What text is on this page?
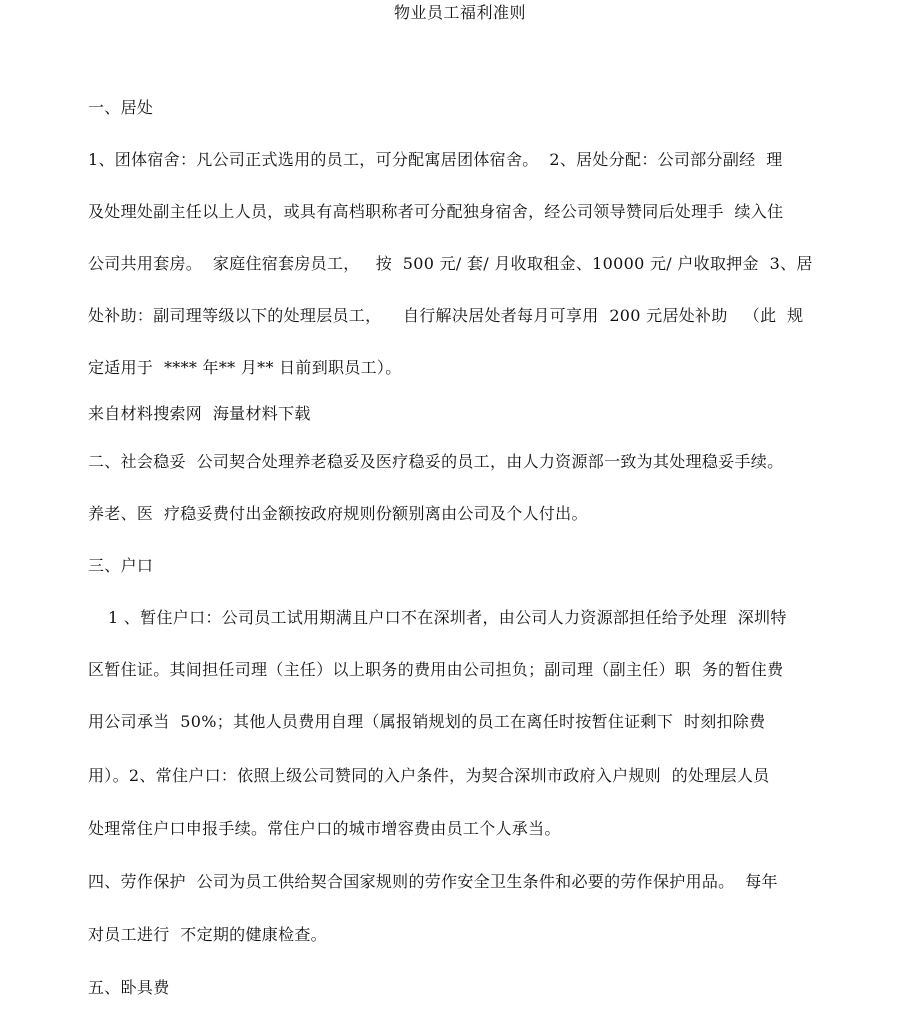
物业员工福利准则
一、居处
1、团体宿舍：凡公司正式选用的员工，可分配寓居团体宿舍。  2、居处分配：公司部分副经  理
及处理处副主任以上人员，或具有高档职称者可分配独身宿舍，经公司领导赞同后处理手  续入住
公司共用套房。  家庭住宿套房员工，   按  500 元/ 套/ 月收取租金、10000 元/ 户收取押金  3、居
处补助：副司理等级以下的处理层员工，    自行解决居处者每月可享用  200 元居处补助   （此  规
定适用于  **** 年** 月** 日前到职员工）。
来自材料搜索网  海量材料下载
二、社会稳妥  公司契合处理养老稳妥及医疗稳妥的员工，由人力资源部一致为其处理稳妥手续。
养老、医  疗稳妥费付出金额按政府规则份额别离由公司及个人付出。
三、户口
1 、暂住户口：公司员工试用期满且户口不在深圳者，由公司人力资源部担任给予处理  深圳特
区暂住证。其间担任司理（主任）以上职务的费用由公司担负；副司理（副主任）职  务的暂住费
用公司承当  50%；其他人员费用自理（属报销规划的员工在离任时按暂住证剩下  时刻扣除费
用）。2、常住户口：依照上级公司赞同的入户条件，为契合深圳市政府入户规则  的处理层人员
处理常住户口申报手续。常住户口的城市增容费由员工个人承当。
四、劳作保护  公司为员工供给契合国家规则的劳作安全卫生条件和必要的劳作保护用品。  每年
对员工进行  不定期的健康检查。
五、卧具费
